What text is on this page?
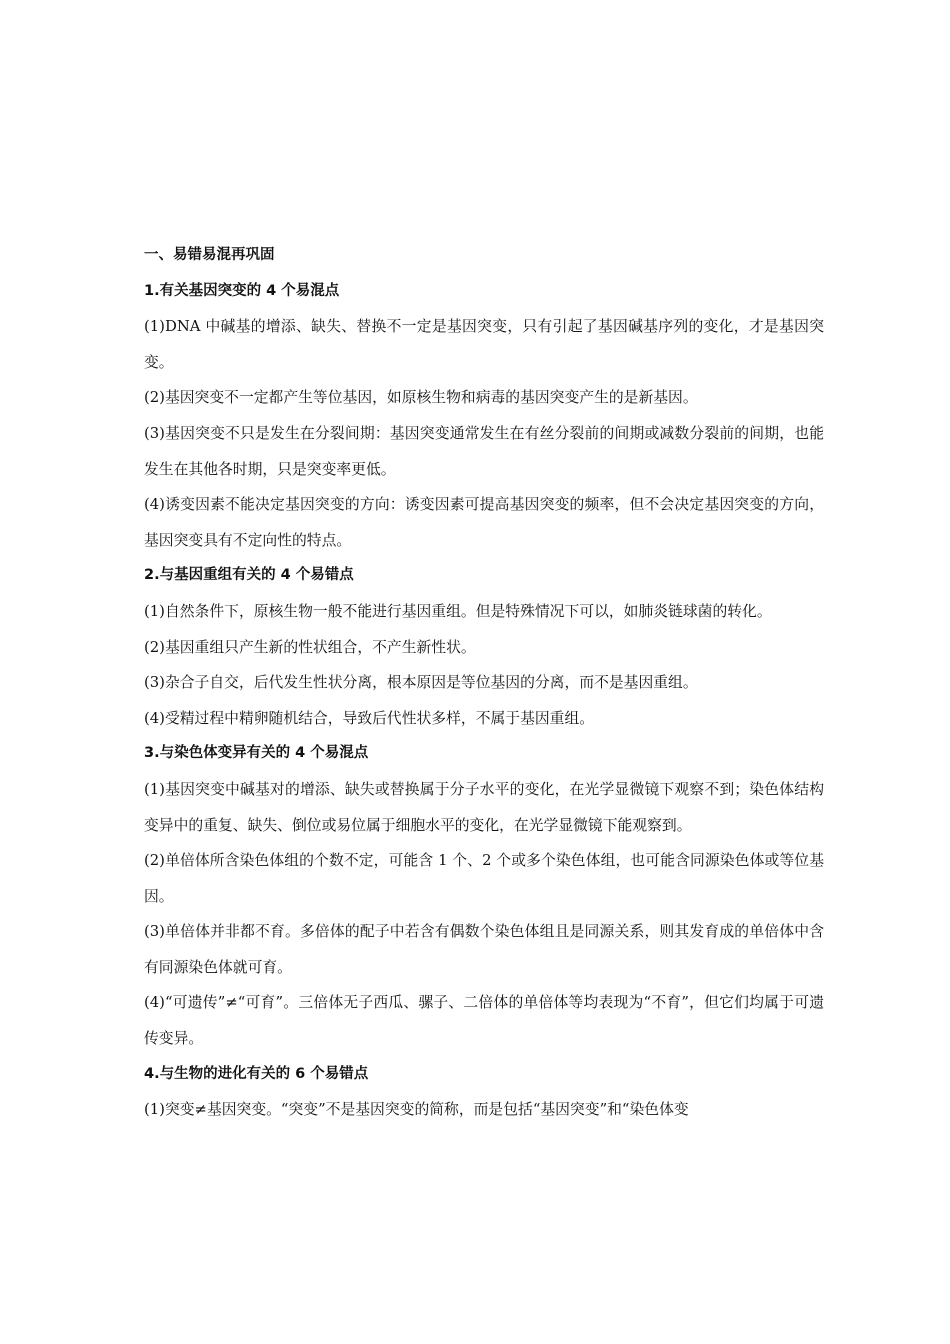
一、易错易混再巩固
1.有关基因突变的 4 个易混点
(1)DNA 中碱基的增添、缺失、替换不一定是基因突变，只有引起了基因碱基序列的变化，才是基因突变。
(2)基因突变不一定都产生等位基因，如原核生物和病毒的基因突变产生的是新基因。
(3)基因突变不只是发生在分裂间期：基因突变通常发生在有丝分裂前的间期或减数分裂前的间期，也能发生在其他各时期，只是突变率更低。
(4)诱变因素不能决定基因突变的方向：诱变因素可提高基因突变的频率，但不会决定基因突变的方向，基因突变具有不定向性的特点。
2.与基因重组有关的 4 个易错点
(1)自然条件下，原核生物一般不能进行基因重组。但是特殊情况下可以，如肺炎链球菌的转化。
(2)基因重组只产生新的性状组合，不产生新性状。
(3)杂合子自交，后代发生性状分离，根本原因是等位基因的分离，而不是基因重组。
(4)受精过程中精卵随机结合，导致后代性状多样，不属于基因重组。
3.与染色体变异有关的 4 个易混点
(1)基因突变中碱基对的增添、缺失或替换属于分子水平的变化，在光学显微镜下观察不到；染色体结构变异中的重复、缺失、倒位或易位属于细胞水平的变化，在光学显微镜下能观察到。
(2)单倍体所含染色体组的个数不定，可能含 1 个、2 个或多个染色体组，也可能含同源染色体或等位基因。
(3)单倍体并非都不育。多倍体的配子中若含有偶数个染色体组且是同源关系，则其发育成的单倍体中含有同源染色体就可育。
(4)“可遗传”≠“可育”。三倍体无子西瓜、骡子、二倍体的单倍体等均表现为“不育”，但它们均属于可遗传变异。
4.与生物的进化有关的 6 个易错点
(1)突变≠基因突变。“突变”不是基因突变的简称，而是包括“基因突变”和“染色体变
